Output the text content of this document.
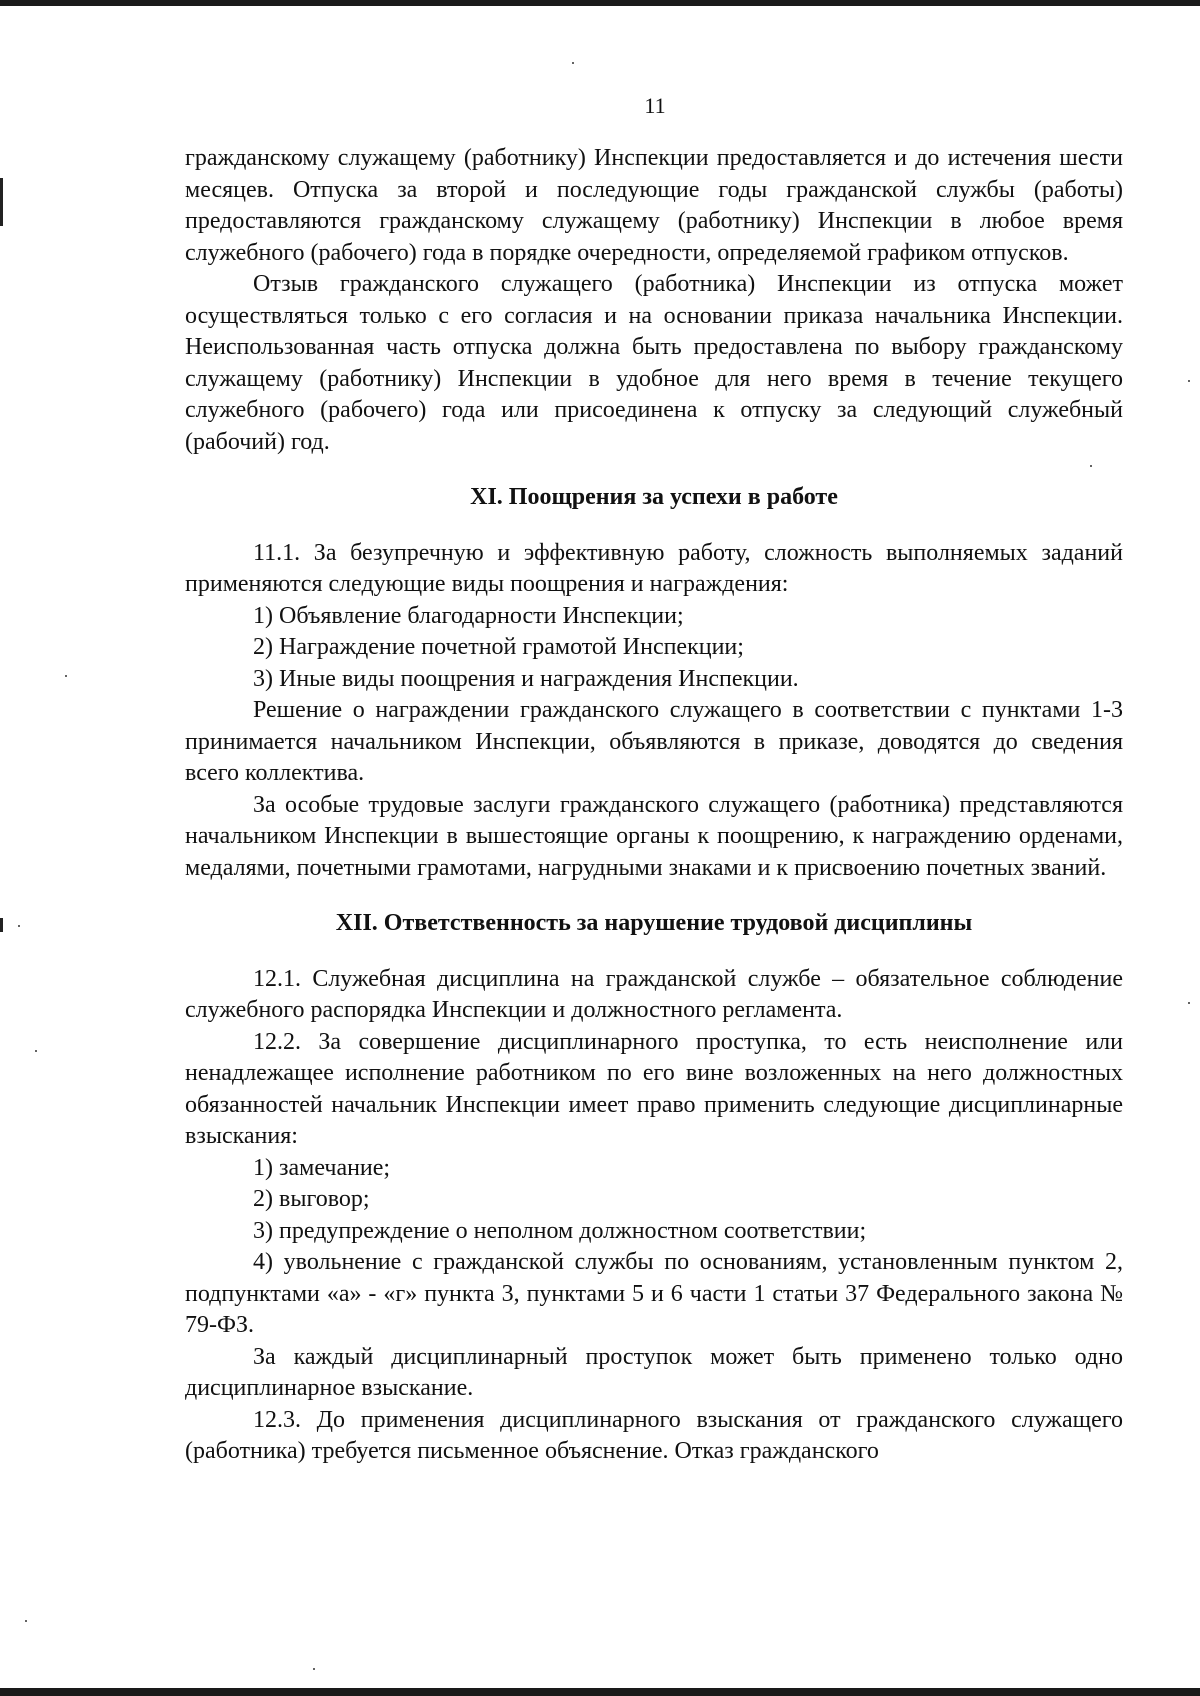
11

гражданскому служащему (работнику) Инспекции предоставляется и до истечения шести месяцев. Отпуска за второй и последующие годы гражданской службы (работы) предоставляются гражданскому служащему (работнику) Инспекции в любое время служебного (рабочего) года в порядке очередности, определяемой графиком отпусков.

Отзыв гражданского служащего (работника) Инспекции из отпуска может осуществляться только с его согласия и на основании приказа начальника Инспекции. Неиспользованная часть отпуска должна быть предоставлена по выбору гражданскому служащему (работнику) Инспекции в удобное для него время в течение текущего служебного (рабочего) года или присоединена к отпуску за следующий служебный (рабочий) год.

XI. Поощрения за успехи в работе

11.1. За безупречную и эффективную работу, сложность выполняемых заданий применяются следующие виды поощрения и награждения:

1) Объявление благодарности Инспекции;

2) Награждение почетной грамотой Инспекции;

3) Иные виды поощрения и награждения Инспекции.

Решение о награждении гражданского служащего в соответствии с пунктами 1-3 принимается начальником Инспекции, объявляются в приказе, доводятся до сведения всего коллектива.

За особые трудовые заслуги гражданского служащего (работника) представляются начальником Инспекции в вышестоящие органы к поощрению, к награждению орденами, медалями, почетными грамотами, нагрудными знаками и к присвоению почетных званий.

XII. Ответственность за нарушение трудовой дисциплины

12.1. Служебная дисциплина на гражданской службе – обязательное соблюдение служебного распорядка Инспекции и должностного регламента.

12.2. За совершение дисциплинарного проступка, то есть неисполнение или ненадлежащее исполнение работником по его вине возложенных на него должностных обязанностей начальник Инспекции имеет право применить следующие дисциплинарные взыскания:

1) замечание;

2) выговор;

3) предупреждение о неполном должностном соответствии;

4) увольнение с гражданской службы по основаниям, установленным пунктом 2, подпунктами «а» - «г» пункта 3, пунктами 5 и 6 части 1 статьи 37 Федерального закона № 79-ФЗ.

За каждый дисциплинарный проступок может быть применено только одно дисциплинарное взыскание.

12.3. До применения дисциплинарного взыскания от гражданского служащего (работника) требуется письменное объяснение. Отказ гражданского
